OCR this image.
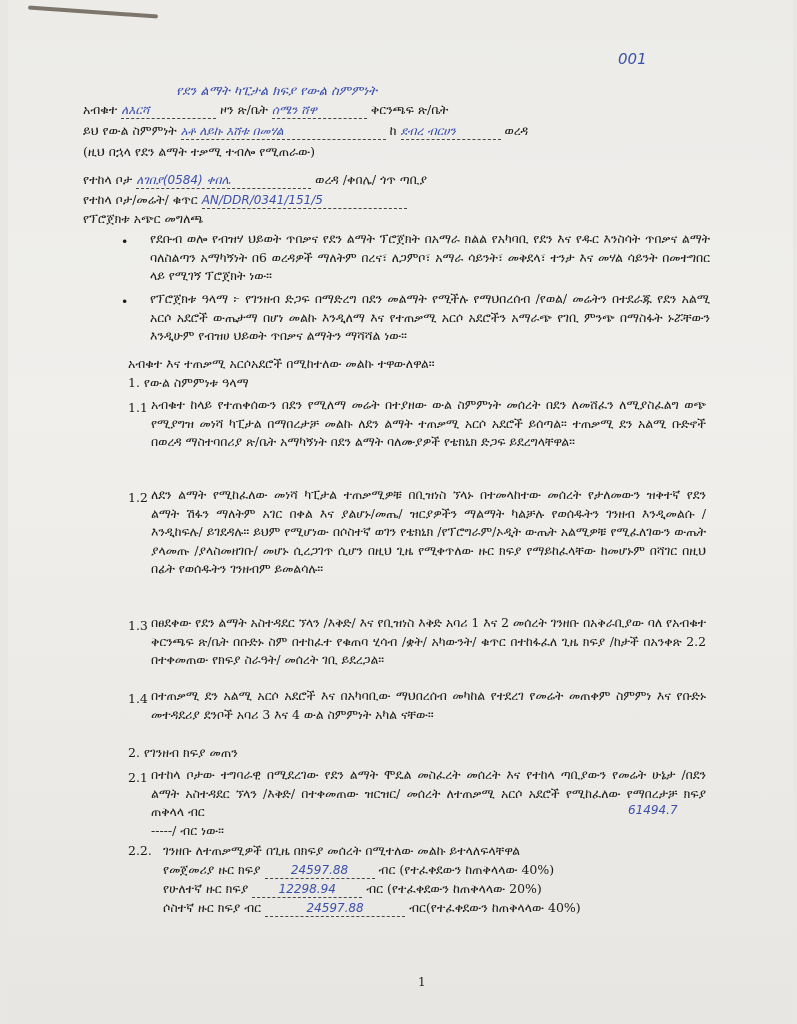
001
የደን ልማት ካፒታል ክፍያ የውል ስምምነት
አብቁተ ለእርሻ	ዞን ጽ/ቤት ሰሜን ሸዋ	ቅርንጫፍ ጽ/ቤት
ይህ የውል ስምምነት አቶ ለይኩ እሸቱ በመሃል	ከ ደብረ ብርሀን	ወረዳ
(ዚህ በኋላ የደን ልማት ተቃሚ ተብሎ የሚጠራው)
የተከላ ቦታ ለገበያ(0584) ቀበሌ	ወረዳ /ቀበሌ/ ጎጥ ጣቢያ
የተከላ ቦታ/መሬት/ ቁጥር AN/DDR/0341/151/5
የፕሮጀክቱ አጭር መግለጫ
• የደቡብ ወሎ የብዝሃ ህይወት ጥበቃና የደን ልማት ፕሮጀክት በአማራ ክልል የአካባቢ የደን እና የዱር እንስሳት ጥበቃና ልማት ባለስልጣን አማካኝነት በ6 ወረዳዎች ማለትም በረና፣ ለጋምቦ፣ አማራ ሳይንት፣ መቅደላ፣ ተንታ እና መሃል ሳይንት በመተግበር ላይ የሚገኝ ፕሮጀክት ነው።
• የፕሮጀክቱ ዓላማ ፦ የገንዘብ ድጋፍ በማድረግ በደን መልማት የሚችሉ የማህበረሰብ /የወል/ መሬትን በተደራጁ የደን አልሚ አርሶ አደሮች ውጤታማ በሆነ መልኩ እንዲለማ እና የተጠቃሚ አርሶ አደሮችን አማራጭ የገቢ ምንጭ በማስፋት ኑሯቸውን እንዲሁም የብዝሀ ህይወት ጥበቃና ልማትን ማሻሻል ነው።
አብቁተ እና ተጠቃሚ አርሶአደሮች በሚከተለው መልኩ ተዋውለዋል።
1. የውል ስምምነቱ ዓላማ
1.1 አብቁተ ከላይ የተጠቀሰውን በደን የሚለማ መሬት በተያዘው ውል ስምምነት መሰረት በደን ለመሸፈን ለሚያስፈልግ ወጭ የሚያግዝ መነሻ ካፒታል በማበረታቻ መልኩ ለደን ልማት ተጠቃሚ አርሶ አደሮች ይሰጣል። ተጠቃሚ ደን አልሚ ቡድኖች በወረዳ ማስተባበሪያ ጽ/ቤት አማካኝነት በደን ልማት ባለሙያዎች የቴክኒክ ድጋፍ ይደረግላቸዋል።
1.2 ለደን ልማት የሚከፈለው መነሻ ካፒታል ተጠቃሚዎቹ በቢዝነስ ኘላኑ በተመላከተው መሰረት የታለመውን ዝቅተኛ የደን ልማት ሽፋን ማለትም አገር በቀል እና ያልሆኑ/መጤ/ ዝርያዎችን ማልማት ካልቻሉ የወሰዱትን ገንዘብ እንዲመልሱ /እንዲከፍሉ/ ይገደዳሉ። ይህም የሚሆነው በሶስተኛ ወገን የቴክኒክ /የፕሮግራም/ኦዲት ውጤት አልሚዎቹ የሚፈለገውን ውጤት ያላመጡ /ያላስመዘገቡ/ መሆኑ ሲረጋገጥ ሲሆን በዚህ ጊዜ የሚቀጥለው ዙር ክፍያ የማይከፈላቸው ከመሆኑም በሻገር በዚህ በፊት የወሰዱትን ገንዘብም ይመልሳሉ።
1.3 በፀደቀው የደን ልማት አስተዳደር ኘላን /እቅድ/ እና የቢዝነስ እቅድ አባሪ 1 እና 2 መሰረት ገንዘቡ በአቅራቢያው ባለ የአብቁተ ቅርንጫፍ ጽ/ቤት በቡድኑ ስም በተከፈተ የቁጠባ ሂሳብ /ቋት/ አካውንት/ ቁጥር በተከፋፈለ ጊዜ ክፍያ /ከታች በአንቀጽ 2.2 በተቀመጠው የክፍያ ስራዓት/ መሰረት ገቢ ይደረጋል።
1.4 በተጠቃሚ ደን አልሚ አርሶ አደሮች እና በአካባቢው ማህበረሰብ መካከል የተደረገ የመሬት መጠቀም ስምምነ እና የቡድኑ መተዳደሪያ ደንቦች አባሪ 3 እና 4 ውል ስምምነት አካል ናቸው።
2. የገንዘብ ክፍያ መጠን
2.1 በተከላ ቦታው ተግባራዊ በሚደረገው የደን ልማት ሞዴል መስፈረት መሰረት እና የተከላ ጣቢያውን የመሬት ሁኔታ /በደን ልማት አስተዳደር ኘላን /እቅድ/ በተቀመጠው ዝርዝር/ መሰረት ለተጠቃሚ አርሶ አደሮች የሚከፈለው የማበረታቻ ክፍያ ጠቅላላ ብር	61494.7
-----/ ብር ነው።
2.2. ገንዘቡ ለተጠቃሚዎች በጊዜ በክፍያ መሰረት በሚተለው መልኩ ይተላለፍላቸዋል
የመጀመሪያ ዙር ክፍያ	24597.88 ብር (የተፈቀደውን ከጠቅላላው 40%)
የሁለተኛ ዙር ክፍያ	12298.94 ብር (የተፈቀደውን ከጠቅላላው 20%)
ሶስተኛ ዙር ክፍያ ብር	24597.88	ብር(የተፈቀደውን ከጠቅላላው 40%)
1
